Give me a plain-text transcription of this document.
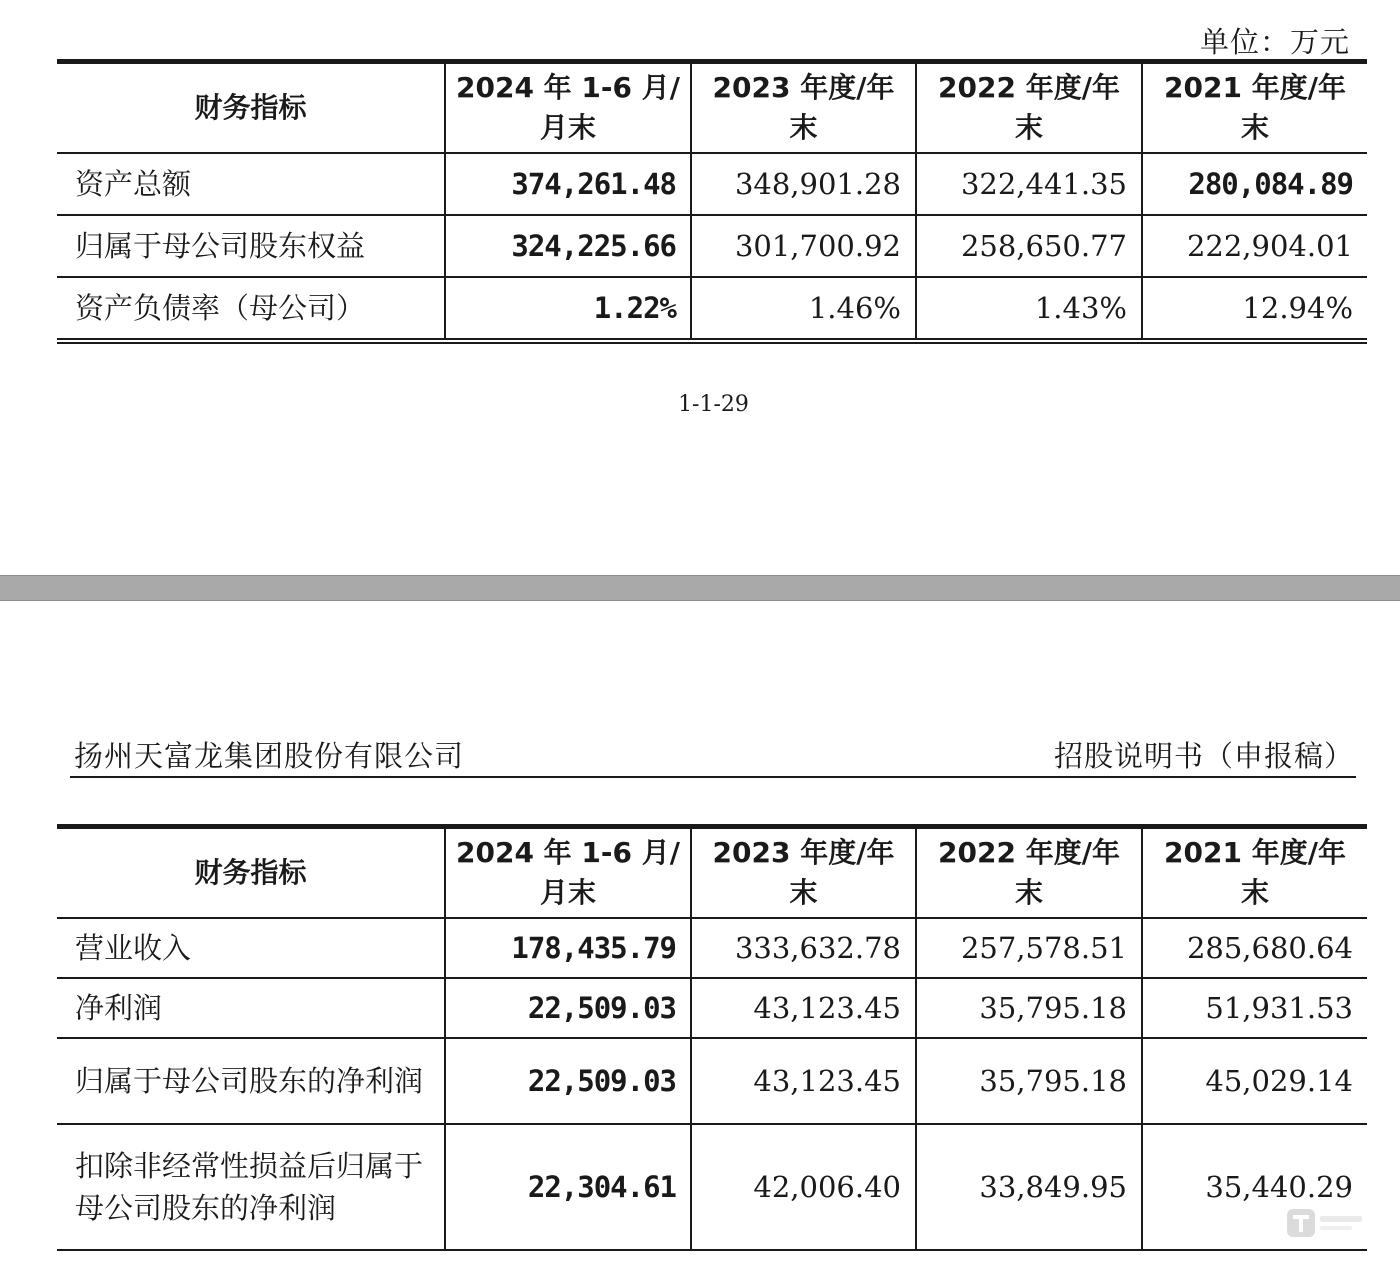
单位：万元
财务指标	2024 年 1-6 月/月末	2023 年度/年末	2022 年度/年末	2021 年度/年末
资产总额	374,261.48	348,901.28	322,441.35	280,084.89
归属于母公司股东权益	324,225.66	301,700.92	258,650.77	222,904.01
资产负债率（母公司）	1.22%	1.46%	1.43%	12.94%
1-1-29
扬州天富龙集团股份有限公司	招股说明书（申报稿）
财务指标	2024 年 1-6 月/月末	2023 年度/年末	2022 年度/年末	2021 年度/年末
营业收入	178,435.79	333,632.78	257,578.51	285,680.64
净利润	22,509.03	43,123.45	35,795.18	51,931.53
归属于母公司股东的净利润	22,509.03	43,123.45	35,795.18	45,029.14
扣除非经常性损益后归属于母公司股东的净利润	22,304.61	42,006.40	33,849.95	35,440.29
